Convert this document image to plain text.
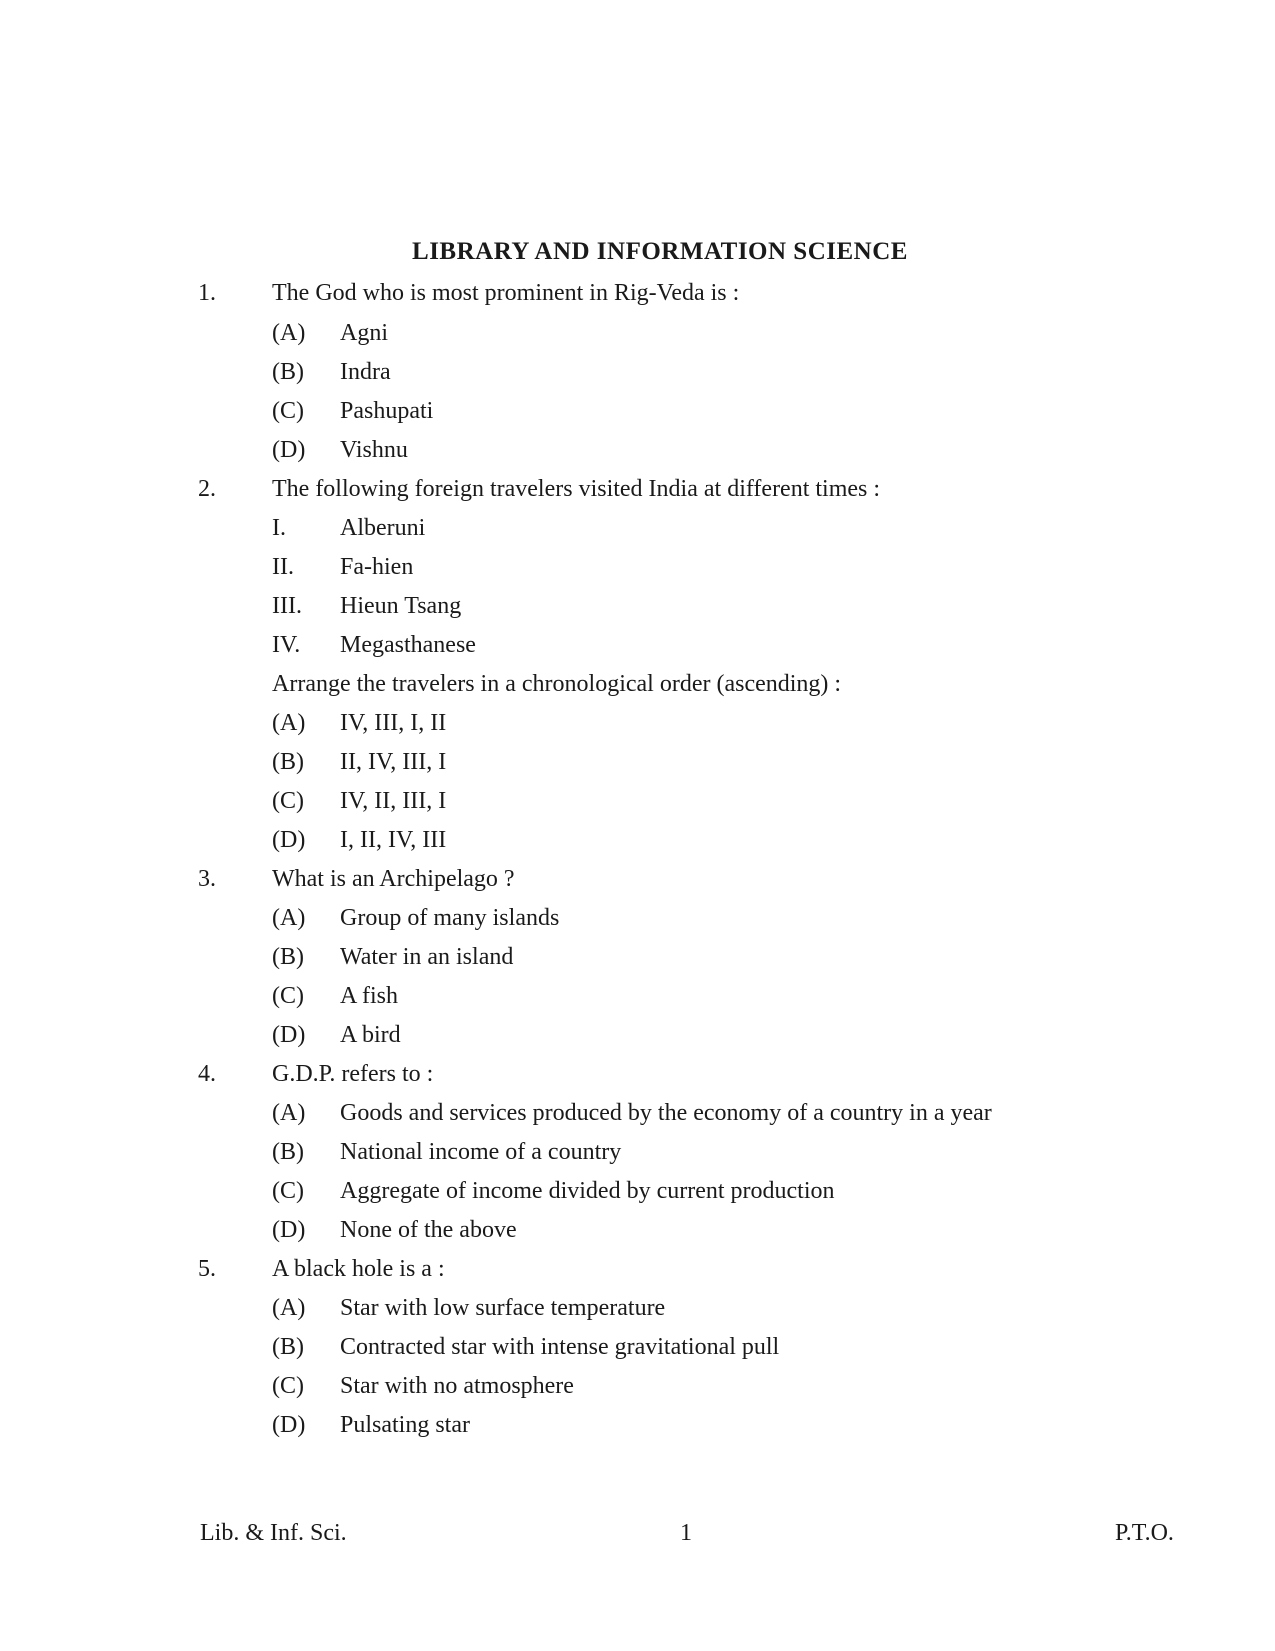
LIBRARY AND INFORMATION SCIENCE
1. The God who is most prominent in Rig-Veda is :
(A) Agni
(B) Indra
(C) Pashupati
(D) Vishnu
2. The following foreign travelers visited India at different times :
I. Alberuni
II. Fa-hien
III. Hieun Tsang
IV. Megasthanese
Arrange the travelers in a chronological order (ascending) :
(A) IV, III, I, II
(B) II, IV, III, I
(C) IV, II, III, I
(D) I, II, IV, III
3. What is an Archipelago ?
(A) Group of many islands
(B) Water in an island
(C) A fish
(D) A bird
4. G.D.P. refers to :
(A) Goods and services produced by the economy of a country in a year
(B) National income of a country
(C) Aggregate of income divided by current production
(D) None of the above
5. A black hole is a :
(A) Star with low surface temperature
(B) Contracted star with intense gravitational pull
(C) Star with no atmosphere
(D) Pulsating star
Lib. & Inf. Sci.	1	P.T.O.
